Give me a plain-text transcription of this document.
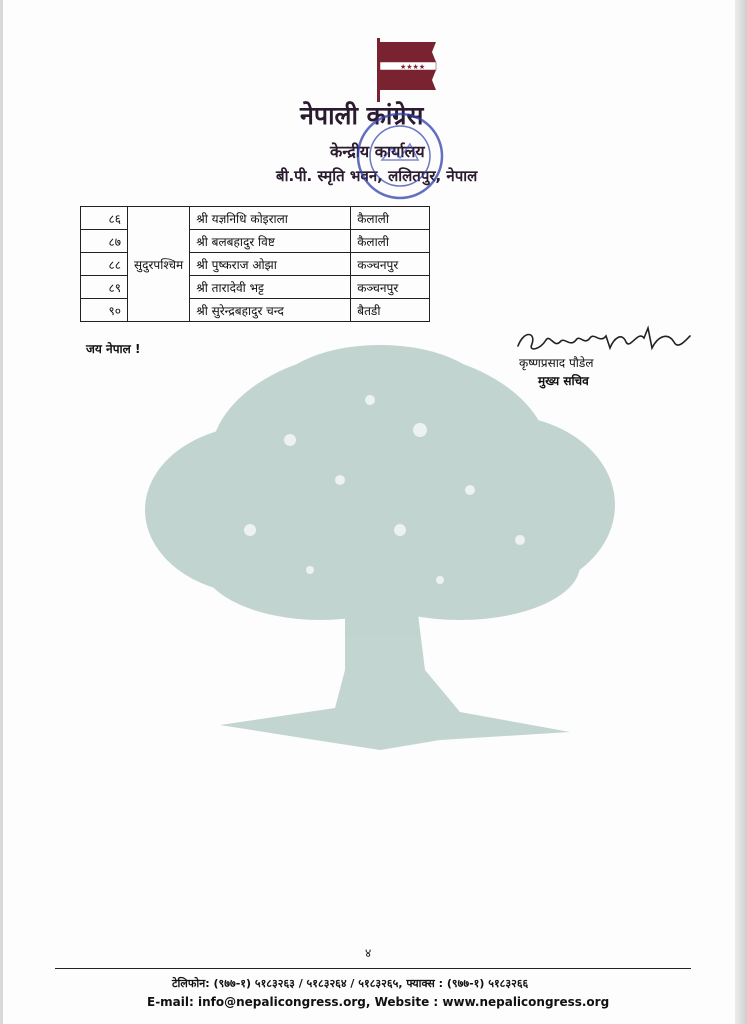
★★★★
नेपाली कांग्रेस
केन्द्रीय कार्यालय
बी.पी. स्मृति भवन, ललितपुर, नेपाल
८६	सुदुरपश्चिम	श्री यज्ञनिधि कोइराला	कैलाली
८७		श्री बलबहादुर विष्ट	कैलाली
८८		श्री पुष्कराज ओझा	कञ्चनपुर
८९		श्री तारादेवी भट्ट	कञ्चनपुर
९०		श्री सुरेन्द्रबहादुर चन्द	बैतडी
जय नेपाल !
कृष्णप्रसाद पौडेल
मुख्य सचिव
४
टेलिफोन: (९७७-१) ५१८३२६३ / ५१८३२६४ / ५१८३२६५, फ्याक्स : (९७७-१) ५१८३२६६
E-mail: info@nepalicongress.org, Website : www.nepalicongress.org
